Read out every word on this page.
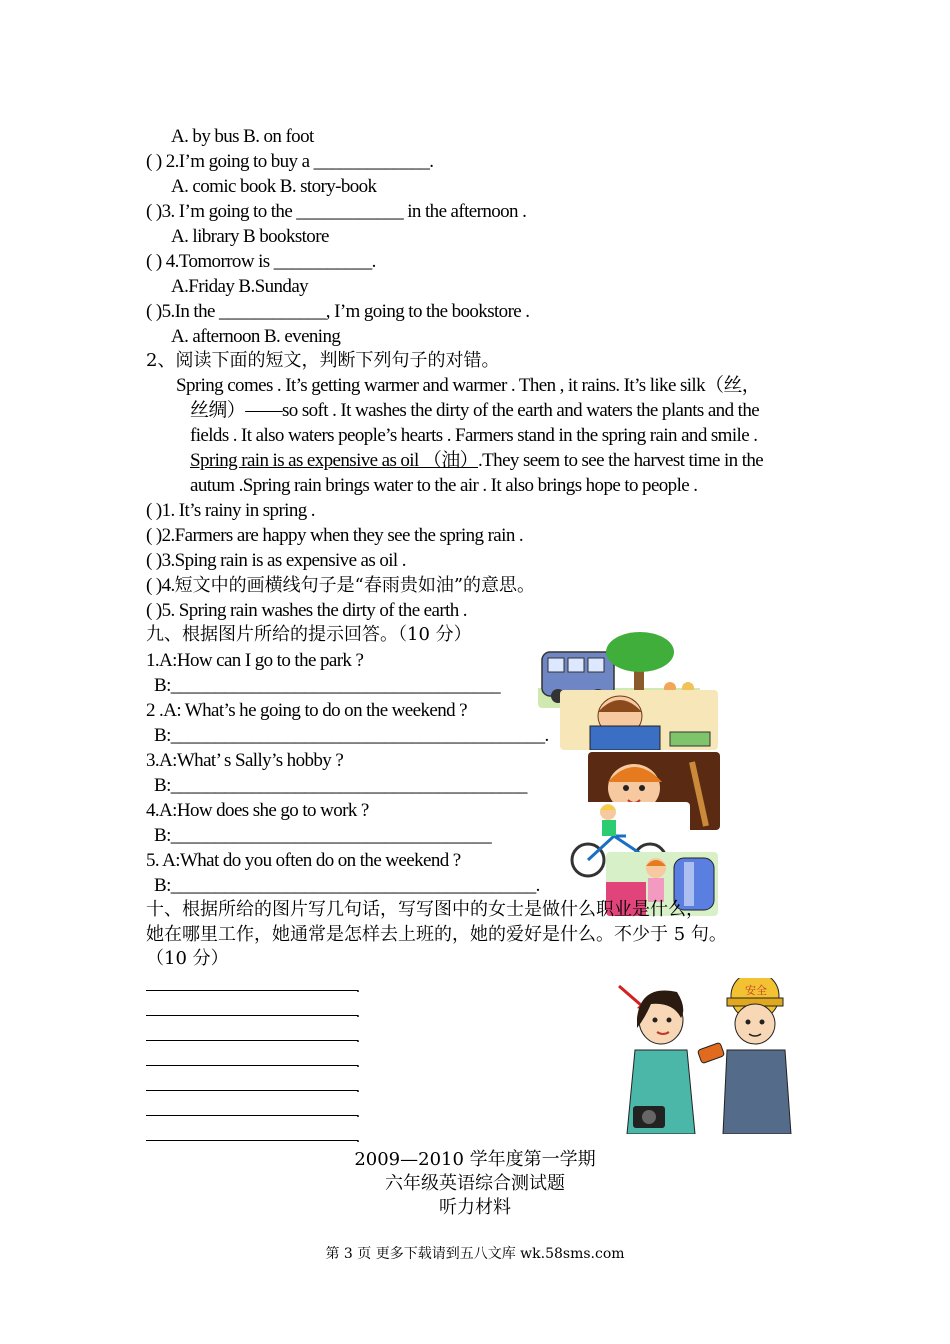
A. by bus B. on foot
( ) 2.I’m going to buy a _____________.
A. comic book B. story-book
( )3. I’m going to the ____________ in the afternoon .
A. library B bookstore
( ) 4.Tomorrow is ___________.
A.Friday B.Sunday
( )5.In the ____________, I’m going to the bookstore .
A. afternoon B. evening
2、阅读下面的短文，判断下列句子的对错。
Spring comes . It’s getting warmer and warmer . Then , it rains. It’s like silk（丝，
丝绸）——so soft . It washes the dirty of the earth and waters the plants and the
fields . It also waters people’s hearts . Farmers stand in the spring rain and smile .
Spring rain is as expensive as oil （油）.They seem to see the harvest time in the
autum .Spring rain brings water to the air . It also brings hope to people .
( )1. It’s rainy in spring .
( )2.Farmers are happy when they see the spring rain .
( )3.Sping rain is as expensive as oil .
( )4.短文中的画横线句子是“春雨贵如油”的意思。
( )5. Spring rain washes the dirty of the earth .
九、根据图片所给的提示回答。（10 分）
1.A:How can I go to the park ?
B:_____________________________________
2 .A: What’s he going to do on the weekend ?
B:__________________________________________.
3.A:What’ s Sally’s hobby ?
B:________________________________________
4.A:How does she go to work ?
B:____________________________________
5. A:What do you often do on the weekend ?
B:_________________________________________.
十、根据所给的图片写几句话，写写图中的女士是做什么职业是什么，
她在哪里工作，她通常是怎样去上班的，她的爱好是什么。不少于 5 句。
（10 分）
.
.
.
.
.
.
.
安全
2009—2010 学年度第一学期
六年级英语综合测试题
听力材料
第 3 页 更多下载请到五八文库 wk.58sms.com
